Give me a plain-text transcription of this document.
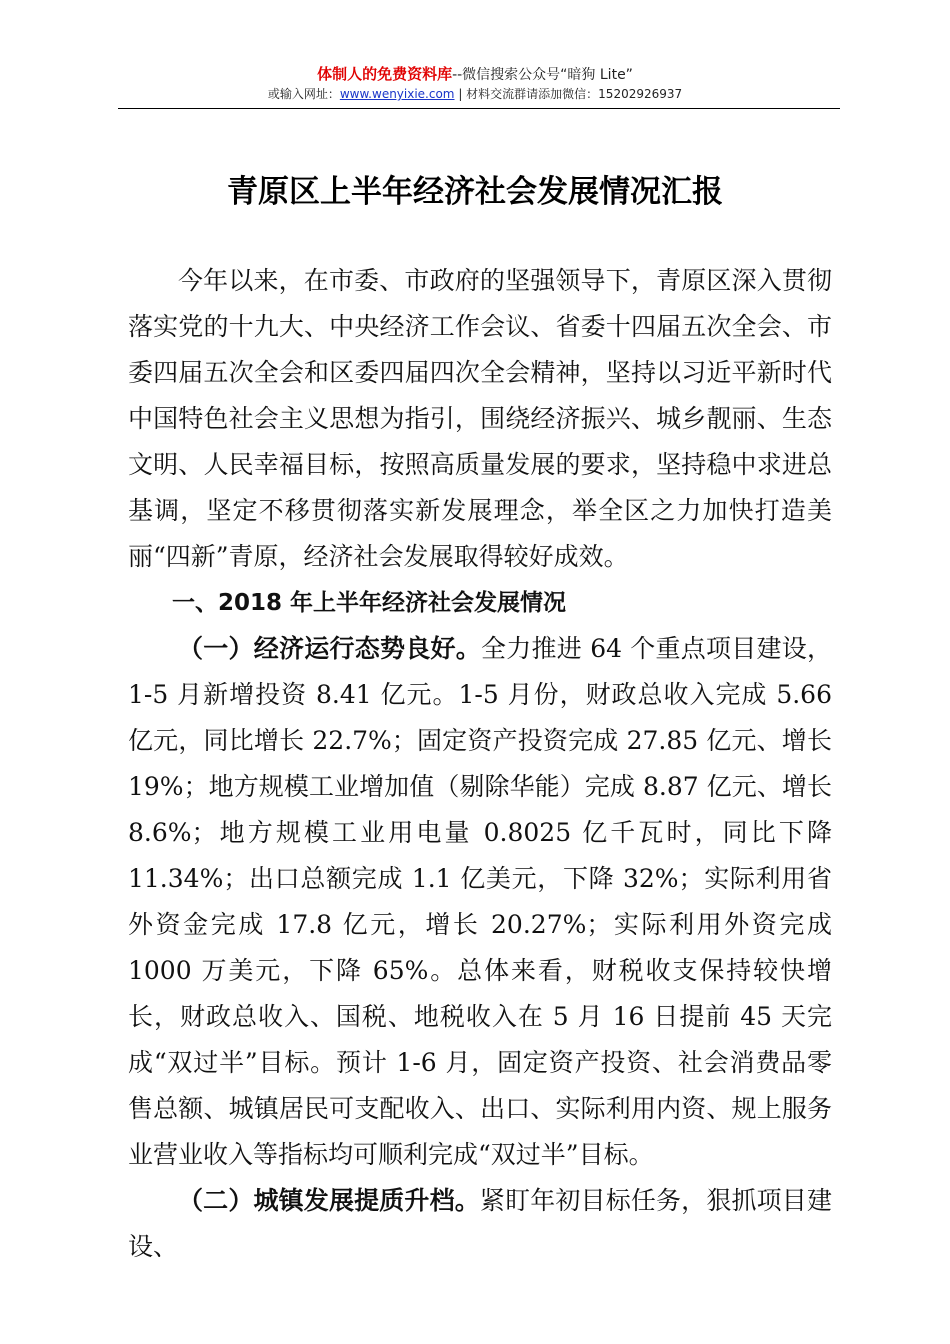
体制人的免费资料库--微信搜索公众号“暗狗 Lite”
或输入网址：www.wenyixie.com | 材料交流群请添加微信：15202926937
青原区上半年经济社会发展情况汇报

今年以来，在市委、市政府的坚强领导下，青原区深入贯彻落实党的十九大、中央经济工作会议、省委十四届五次全会、市委四届五次全会和区委四届四次全会精神，坚持以习近平新时代中国特色社会主义思想为指引，围绕经济振兴、城乡靓丽、生态文明、人民幸福目标，按照高质量发展的要求，坚持稳中求进总基调，坚定不移贯彻落实新发展理念，举全区之力加快打造美丽“四新”青原，经济社会发展取得较好成效。

一、2018 年上半年经济社会发展情况

（一）经济运行态势良好。全力推进 64 个重点项目建设，1-5 月新增投资 8.41 亿元。1-5 月份，财政总收入完成 5.66 亿元，同比增长 22.7%；固定资产投资完成 27.85 亿元、增长 19%；地方规模工业增加值（剔除华能）完成 8.87 亿元、增长 8.6%；地方规模工业用电量 0.8025 亿千瓦时，同比下降 11.34%；出口总额完成 1.1 亿美元，下降 32%；实际利用省外资金完成 17.8 亿元，增长 20.27%；实际利用外资完成 1000 万美元，下降 65%。总体来看，财税收支保持较快增长，财政总收入、国税、地税收入在 5 月 16 日提前 45 天完成“双过半”目标。预计 1-6 月，固定资产投资、社会消费品零售总额、城镇居民可支配收入、出口、实际利用内资、规上服务业营业收入等指标均可顺利完成“双过半”目标。

（二）城镇发展提质升档。紧盯年初目标任务，狠抓项目建设、
